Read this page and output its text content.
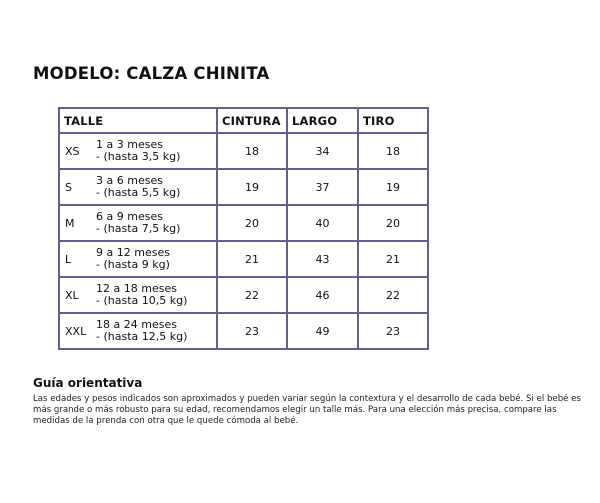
MODELO: CALZA CHINITA
TALLE	CINTURA	LARGO	TIRO

XS 1 a 3 meses
- (hasta 3,5 kg)	18	34	18

S 3 a 6 meses
- (hasta 5,5 kg)	19	37	19

M 6 a 9 meses
- (hasta 7,5 kg)	20	40	20

L 9 a 12 meses
- (hasta 9 kg)	21	43	21

XL 12 a 18 meses
- (hasta 10,5 kg)	22	46	22

XXL 18 a 24 meses
- (hasta 12,5 kg)	23	49	23
Guía orientativa
Las edades y pesos indicados son aproximados y pueden variar según la contextura y el desarrollo de cada bebé. Si el bebé es más grande o más robusto para su edad, recomendamos elegir un talle más. Para una elección más precisa, compare las medidas de la prenda con otra que le quede cómoda al bebé.
